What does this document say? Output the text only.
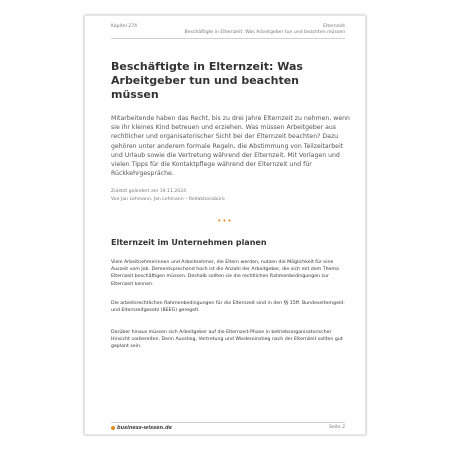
Kapitel 274	Elternzeit
Beschäftigte in Elternzeit: Was Arbeitgeber tun und beachten müssen
Beschäftigte in Elternzeit: Was Arbeitgeber tun und beachten müssen

Mitarbeitende haben das Recht, bis zu drei Jahre Elternzeit zu nehmen, wenn sie ihr kleines Kind betreuen und erziehen. Was müssen Arbeitgeber aus rechtlicher und organisatorischer Sicht bei der Elternzeit beachten? Dazu gehören unter anderem formale Regeln, die Abstimmung von Teilzeitarbeit und Urlaub sowie die Vertretung während der Elternzeit. Mit Vorlagen und vielen Tipps für die Kontaktpflege während der Elternzeit und für Rückkehrgespräche.

Zuletzt geändert am 19.11.2024
Von Jan Lehmann, Jan Lehmann – Redaktionsbüro
•••
Elternzeit im Unternehmen planen

Viele Arbeitnehmerinnen und Arbeitnehmer, die Eltern werden, nutzen die Möglichkeit für eine Auszeit vom Job. Dementsprechend hoch ist die Anzahl der Arbeitgeber, die sich mit dem Thema Elternzeit beschäftigen müssen. Deshalb sollten sie die rechtlichen Rahmenbedingungen zur Elternzeit kennen.

Die arbeitsrechtlichen Rahmenbedingungen für die Elternzeit sind in den §§ 15ff. Bundeselterngeld- und Elternzeitgesetz (BEEG) geregelt.

Darüber hinaus müssen sich Arbeitgeber auf die Elternzeit-Phase in betriebsorganisatorischer Hinsicht vorbereiten. Denn Ausstieg, Vertretung und Wiedereinstieg nach der Elternzeit sollten gut geplant sein.

business-wissen.de	Seite 2
